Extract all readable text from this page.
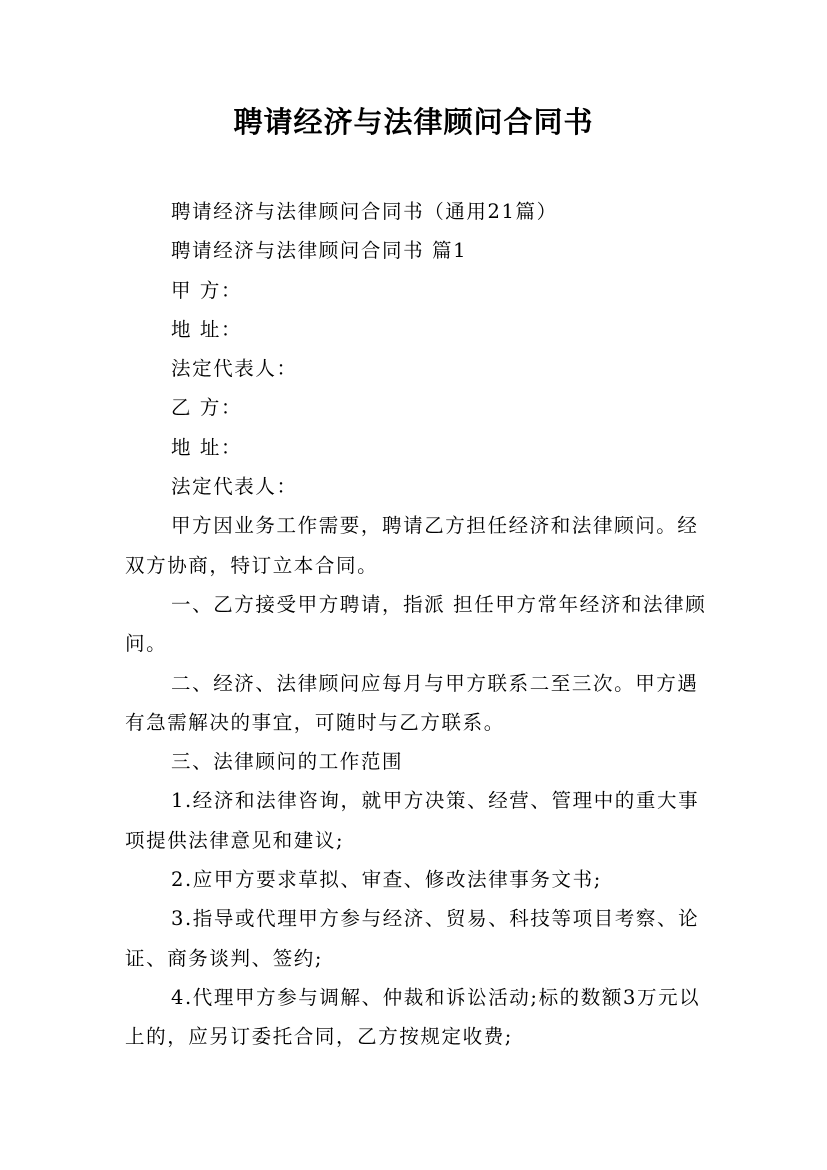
聘请经济与法律顾问合同书

聘请经济与法律顾问合同书（通用21篇）

聘请经济与法律顾问合同书 篇1

甲 方：

地 址：

法定代表人：

乙 方：

地 址：

法定代表人：

甲方因业务工作需要，聘请乙方担任经济和法律顾问。经双方协商，特订立本合同。

一、乙方接受甲方聘请，指派 担任甲方常年经济和法律顾问。

二、经济、法律顾问应每月与甲方联系二至三次。甲方遇有急需解决的事宜，可随时与乙方联系。

三、法律顾问的工作范围

1.经济和法律咨询，就甲方决策、经营、管理中的重大事项提供法律意见和建议;

2.应甲方要求草拟、审查、修改法律事务文书;

3.指导或代理甲方参与经济、贸易、科技等项目考察、论证、商务谈判、签约;

4.代理甲方参与调解、仲裁和诉讼活动;标的数额3万元以上的，应另订委托合同，乙方按规定收费;
